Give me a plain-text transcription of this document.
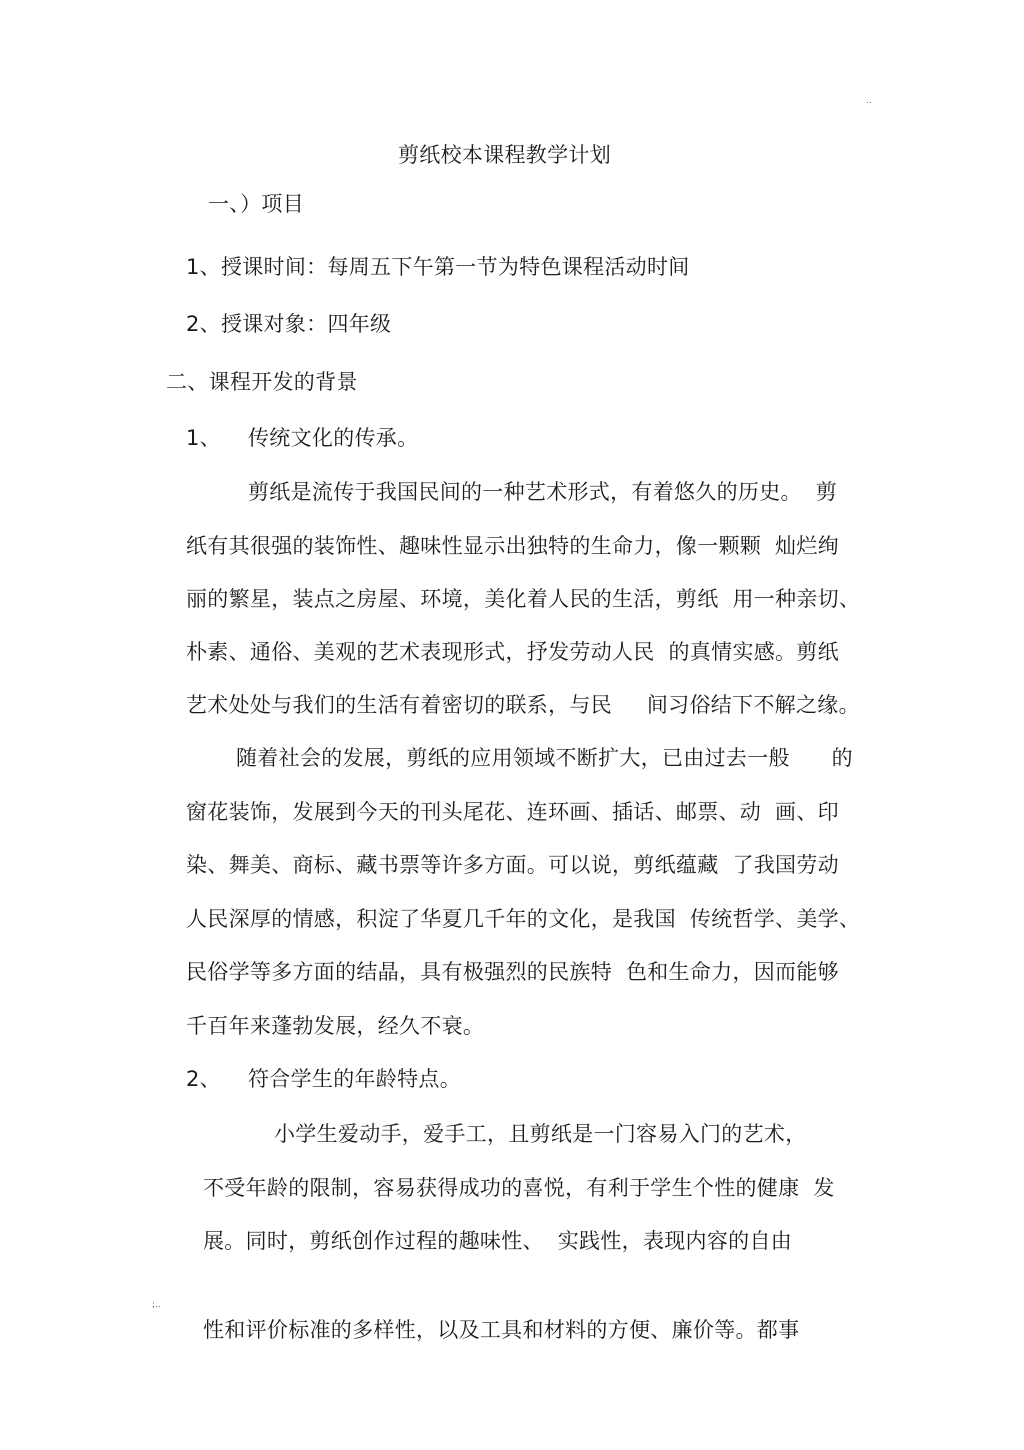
..
;..
剪纸校本课程教学计划
一、）项目
1、授课时间：每周五下午第一节为特色课程活动时间
2、授课对象：四年级
二、课程开发的背景
1、 传统文化的传承。
剪纸是流传于我国民间的一种艺术形式，有着悠久的历史。  剪
纸有其很强的装饰性、趣味性显示出独特的生命力，像一颗颗  灿烂绚
丽的繁星，装点之房屋、环境，美化着人民的生活，剪纸  用一种亲切、
朴素、通俗、美观的艺术表现形式，抒发劳动人民  的真情实感。剪纸
艺术处处与我们的生活有着密切的联系，与民     间习俗结下不解之缘。
随着社会的发展，剪纸的应用领域不断扩大，已由过去一般      的
窗花装饰，发展到今天的刊头尾花、连环画、插话、邮票、动  画、印
染、舞美、商标、藏书票等许多方面。可以说，剪纸蕴藏  了我国劳动
人民深厚的情感，积淀了华夏几千年的文化，是我国  传统哲学、美学、
民俗学等多方面的结晶，具有极强烈的民族特  色和生命力，因而能够
千百年来蓬勃发展，经久不衰。
2、 符合学生的年龄特点。
小学生爱动手，爱手工，且剪纸是一门容易入门的艺术，
不受年龄的限制，容易获得成功的喜悦，有利于学生个性的健康  发
展。同时，剪纸创作过程的趣味性、  实践性，表现内容的自由
性和评价标准的多样性，以及工具和材料的方便、廉价等。都事
